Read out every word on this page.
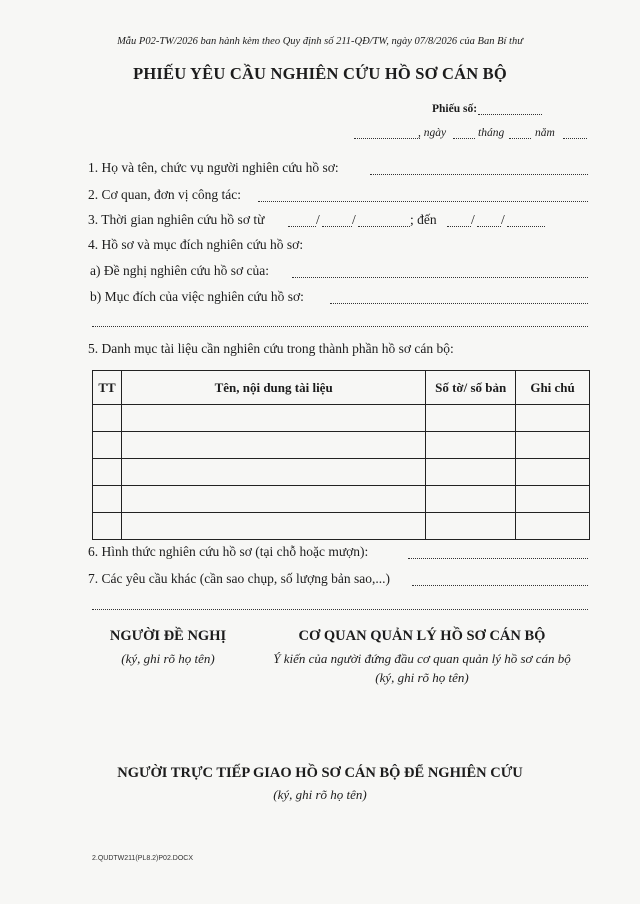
Mẫu P02-TW/2026 ban hành kèm theo Quy định số 211-QĐ/TW, ngày 07/8/2026 của Ban Bí thư
PHIẾU YÊU CẦU NGHIÊN CỨU HỒ SƠ CÁN BỘ
Phiếu số:
, ngày	tháng	năm
1. Họ và tên, chức vụ người nghiên cứu hồ sơ:
2. Cơ quan, đơn vị công tác:
3. Thời gian nghiên cứu hồ sơ từ	/ /	; đến	/ /
4. Hồ sơ và mục đích nghiên cứu hồ sơ:
a) Đề nghị nghiên cứu hồ sơ của:
b) Mục đích của việc nghiên cứu hồ sơ:
5. Danh mục tài liệu cần nghiên cứu trong thành phần hồ sơ cán bộ:
TT	Tên, nội dung tài liệu	Số tờ/ số bản	Ghi chú

6. Hình thức nghiên cứu hồ sơ (tại chỗ hoặc mượn):
7. Các yêu cầu khác (cần sao chụp, số lượng bản sao,...)
NGƯỜI ĐỀ NGHỊ
(ký, ghi rõ họ tên)
CƠ QUAN QUẢN LÝ HỒ SƠ CÁN BỘ
Ý kiến của người đứng đầu cơ quan quản lý hồ sơ cán bộ
(ký, ghi rõ họ tên)
NGƯỜI TRỰC TIẾP GIAO HỒ SƠ CÁN BỘ ĐỂ NGHIÊN CỨU
(ký, ghi rõ họ tên)
2.QUDTW211(PL8.2)P02.DOCX
